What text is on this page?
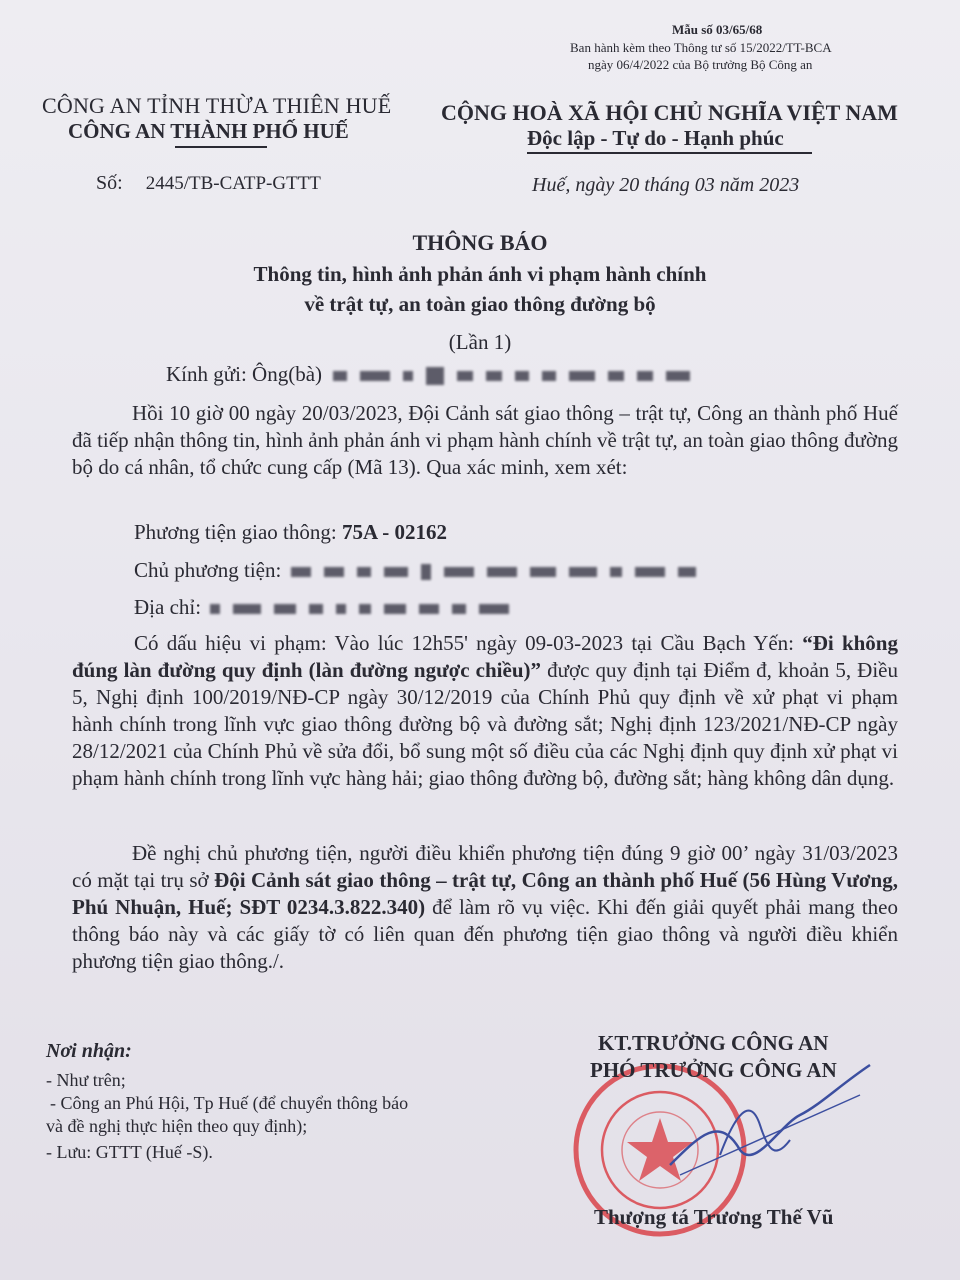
Mẫu số 03/65/68
Ban hành kèm theo Thông tư số 15/2022/TT-BCA
ngày 06/4/2022 của Bộ trưởng Bộ Công an
CÔNG AN TỈNH THỪA THIÊN HUẾ
CÔNG AN THÀNH PHỐ HUẾ
CỘNG HOÀ XÃ HỘI CHỦ NGHĨA VIỆT NAM
Độc lập - Tự do - Hạnh phúc
Số: 2445/TB-CATP-GTTT	Huế, ngày 20 tháng 03 năm 2023
THÔNG BÁO
Thông tin, hình ảnh phản ánh vi phạm hành chính
về trật tự, an toàn giao thông đường bộ
(Lần 1)
Kính gửi: Ông(bà)
Hồi 10 giờ 00 ngày 20/03/2023, Đội Cảnh sát giao thông – trật tự, Công an thành phố Huế đã tiếp nhận thông tin, hình ảnh phản ánh vi phạm hành chính về trật tự, an toàn giao thông đường bộ do cá nhân, tổ chức cung cấp (Mã 13). Qua xác minh, xem xét:
Phương tiện giao thông: 75A - 02162
Chủ phương tiện:
Địa chỉ:
Có dấu hiệu vi phạm: Vào lúc 12h55' ngày 09-03-2023 tại Cầu Bạch Yến: “Đi không đúng làn đường quy định (làn đường ngược chiều)” được quy định tại Điểm đ, khoản 5, Điều 5, Nghị định 100/2019/NĐ-CP ngày 30/12/2019 của Chính Phủ quy định về xử phạt vi phạm hành chính trong lĩnh vực giao thông đường bộ và đường sắt; Nghị định 123/2021/NĐ-CP ngày 28/12/2021 của Chính Phủ về sửa đổi, bổ sung một số điều của các Nghị định quy định xử phạt vi phạm hành chính trong lĩnh vực hàng hải; giao thông đường bộ, đường sắt; hàng không dân dụng.
Đề nghị chủ phương tiện, người điều khiển phương tiện đúng 9 giờ 00’ ngày 31/03/2023 có mặt tại trụ sở Đội Cảnh sát giao thông – trật tự, Công an thành phố Huế (56 Hùng Vương, Phú Nhuận, Huế; SĐT 0234.3.822.340) để làm rõ vụ việc. Khi đến giải quyết phải mang theo thông báo này và các giấy tờ có liên quan đến phương tiện giao thông và người điều khiển phương tiện giao thông./.
Nơi nhận:
- Như trên;
- Công an Phú Hội, Tp Huế (để chuyển thông báo
và đề nghị thực hiện theo quy định);
- Lưu: GTTT (Huế -S).
KT.TRƯỞNG CÔNG AN
PHÓ TRƯỞNG CÔNG AN
Thượng tá Trương Thế Vũ
